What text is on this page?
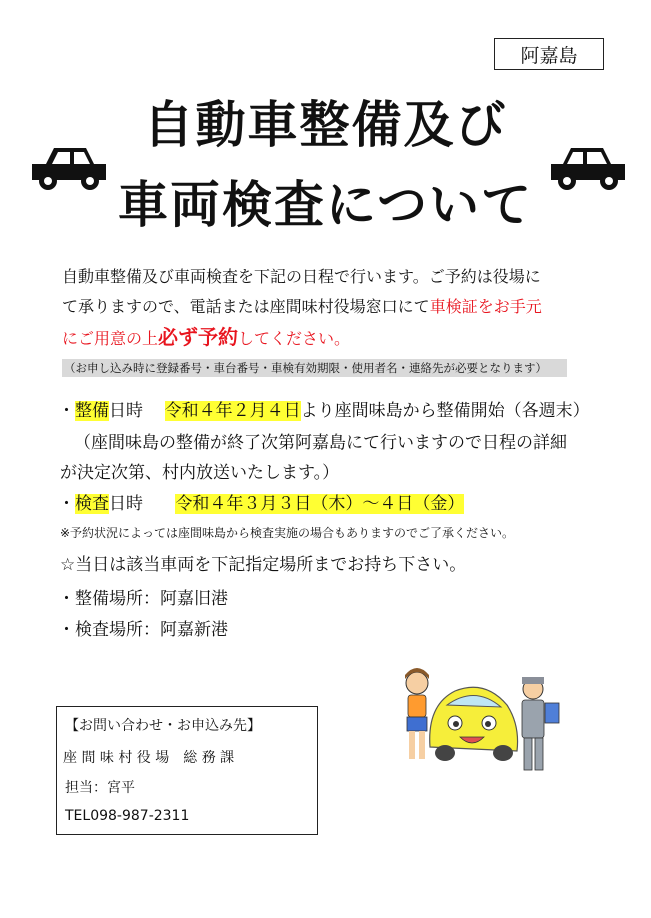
阿嘉島
自動車整備及び
車両検査について
自動車整備及び車両検査を下記の日程で行います。ご予約は役場に
て承りますので、電話または座間味村役場窓口にて車検証をお手元
にご用意の上必ず予約してください。
（お申し込み時に登録番号・車台番号・車検有効期限・使用者名・連絡先が必要となります）
・整備日時 令和４年２月４日より座間味島から整備開始（各週末）
（座間味島の整備が終了次第阿嘉島にて行いますので日程の詳細
が決定次第、村内放送いたします。）
・検査日時 令和４年３月３日（木）～４日（金）
※予約状況によっては座間味島から検査実施の場合もありますのでご了承ください。
☆当日は該当車両を下記指定場所までお持ち下さい。
・整備場所：阿嘉旧港
・検査場所：阿嘉新港
【お問い合わせ・お申込み先】
座 間 味 村 役 場　総 務 課
担当：宮平
TEL098-987-2311
